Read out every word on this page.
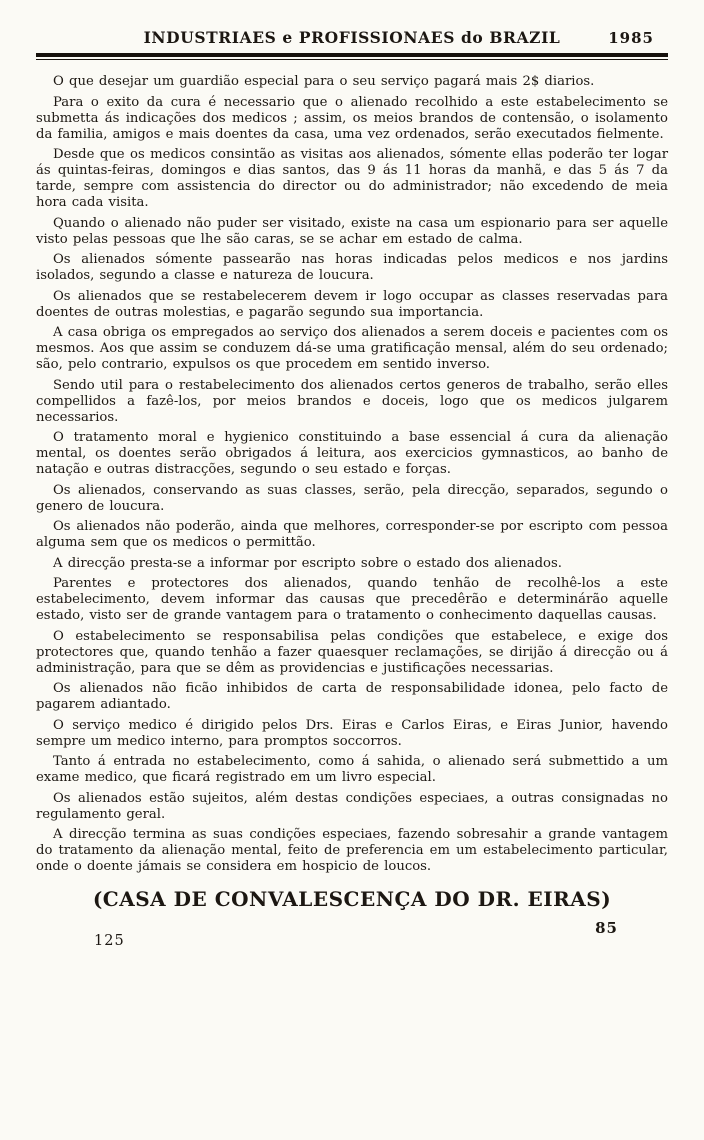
INDUSTRIAES e PROFISSIONAES do BRAZIL	1985

O que desejar um guardião especial para o seu serviço pagará mais 2$ diarios.

Para o exito da cura é necessario que o alienado recolhido a este estabelecimento se submetta ás indicações dos medicos ; assim, os meios brandos de contensão, o isolamento da familia, amigos e mais doentes da casa, uma vez ordenados, serão executados fielmente.

Desde que os medicos consintão as visitas aos alienados, sómente ellas poderão ter logar ás quintas-feiras, domingos e dias santos, das 9 ás 11 horas da manhã, e das 5 ás 7 da tarde, sempre com assistencia do director ou do administrador; não excedendo de meia hora cada visita.

Quando o alienado não puder ser visitado, existe na casa um espionario para ser aquelle visto pelas pessoas que lhe são caras, se se achar em estado de calma.

Os alienados sómente passearão nas horas indicadas pelos medicos e nos jardins isolados, segundo a classe e natureza de loucura.

Os alienados que se restabelecerem devem ir logo occupar as classes reservadas para doentes de outras molestias, e pagarão segundo sua importancia.

A casa obriga os empregados ao serviço dos alienados a serem doceis e pacientes com os mesmos. Aos que assim se conduzem dá-se uma gratificação mensal, além do seu ordenado; são, pelo contrario, expulsos os que procedem em sentido inverso.

Sendo util para o restabelecimento dos alienados certos generos de trabalho, serão elles compellidos a fazê-los, por meios brandos e doceis, logo que os medicos julgarem necessarios.

O tratamento moral e hygienico constituindo a base essencial á cura da alienação mental, os doentes serão obrigados á leitura, aos exercicios gymnasticos, ao banho de natação e outras distracções, segundo o seu estado e forças.

Os alienados, conservando as suas classes, serão, pela direcção, separados, segundo o genero de loucura.

Os alienados não poderão, ainda que melhores, corresponder-se por escripto com pessoa alguma sem que os medicos o permittão.

A direcção presta-se a informar por escripto sobre o estado dos alienados.

Parentes e protectores dos alienados, quando tenhão de recolhê-los a este estabelecimento, devem informar das causas que precedêrão e determinárão aquelle estado, visto ser de grande vantagem para o tratamento o conhecimento daquellas causas.

O estabelecimento se responsabilisa pelas condições que estabelece, e exige dos protectores que, quando tenhão a fazer quaesquer reclamações, se dirijão á direcção ou á administração, para que se dêm as providencias e justificações necessarias.

Os alienados não ficão inhibidos de carta de responsabilidade idonea, pelo facto de pagarem adiantado.

O serviço medico é dirigido pelos Drs. Eiras e Carlos Eiras, e Eiras Junior, havendo sempre um medico interno, para promptos soccorros.

Tanto á entrada no estabelecimento, como á sahida, o alienado será submettido a um exame medico, que ficará registrado em um livro especial.

Os alienados estão sujeitos, além destas condições especiaes, a outras consignadas no regulamento geral.

A direcção termina as suas condições especiaes, fazendo sobresahir a grande vantagem do tratamento da alienação mental, feito de preferencia em um estabelecimento particular, onde o doente jámais se considera em hospicio de loucos.

(CASA DE CONVALESCENÇA DO DR. EIRAS)
125
85
